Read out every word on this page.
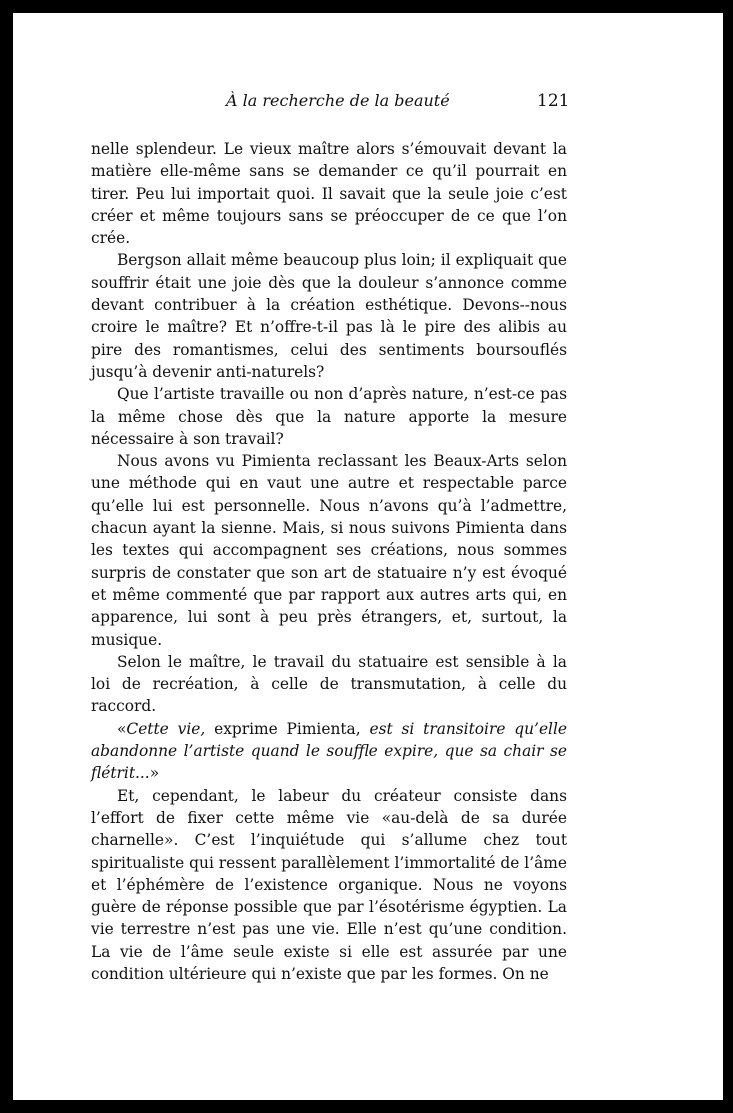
À la recherche de la beauté	121

nelle splendeur. Le vieux maître alors s’émouvait devant la matière elle-même sans se demander ce qu’il pourrait en tirer. Peu lui importait quoi. Il savait que la seule joie c’est créer et même toujours sans se préoccuper de ce que l’on crée.

Bergson allait même beaucoup plus loin; il expliquait que souffrir était une joie dès que la douleur s’annonce comme devant contribuer à la création esthétique. Devons--nous croire le maître? Et n’offre-t-il pas là le pire des alibis au pire des romantismes, celui des sentiments boursouflés jusqu’à devenir anti-naturels?

Que l’artiste travaille ou non d’après nature, n’est-ce pas la même chose dès que la nature apporte la mesure nécessaire à son travail?

Nous avons vu Pimienta reclassant les Beaux-Arts selon une méthode qui en vaut une autre et respectable parce qu’elle lui est personnelle. Nous n’avons qu’à l’admettre, chacun ayant la sienne. Mais, si nous suivons Pimienta dans les textes qui accompagnent ses créations, nous sommes surpris de constater que son art de statuaire n’y est évoqué et même commenté que par rapport aux autres arts qui, en apparence, lui sont à peu près étrangers, et, surtout, la musique.

Selon le maître, le travail du statuaire est sensible à la loi de recréation, à celle de transmutation, à celle du raccord.

«Cette vie, exprime Pimienta, est si transitoire qu’elle abandonne l’artiste quand le souffle expire, que sa chair se flétrit...»

Et, cependant, le labeur du créateur consiste dans l’effort de fixer cette même vie «au-delà de sa durée charnelle». C’est l’inquiétude qui s’allume chez tout spiritualiste qui ressent parallèlement l’immortalité de l’âme et l’éphémère de l’existence organique. Nous ne voyons guère de réponse possible que par l’ésotérisme égyptien. La vie terrestre n’est pas une vie. Elle n’est qu’une condition. La vie de l’âme seule existe si elle est assurée par une condition ultérieure qui n’existe que par les formes. On ne
